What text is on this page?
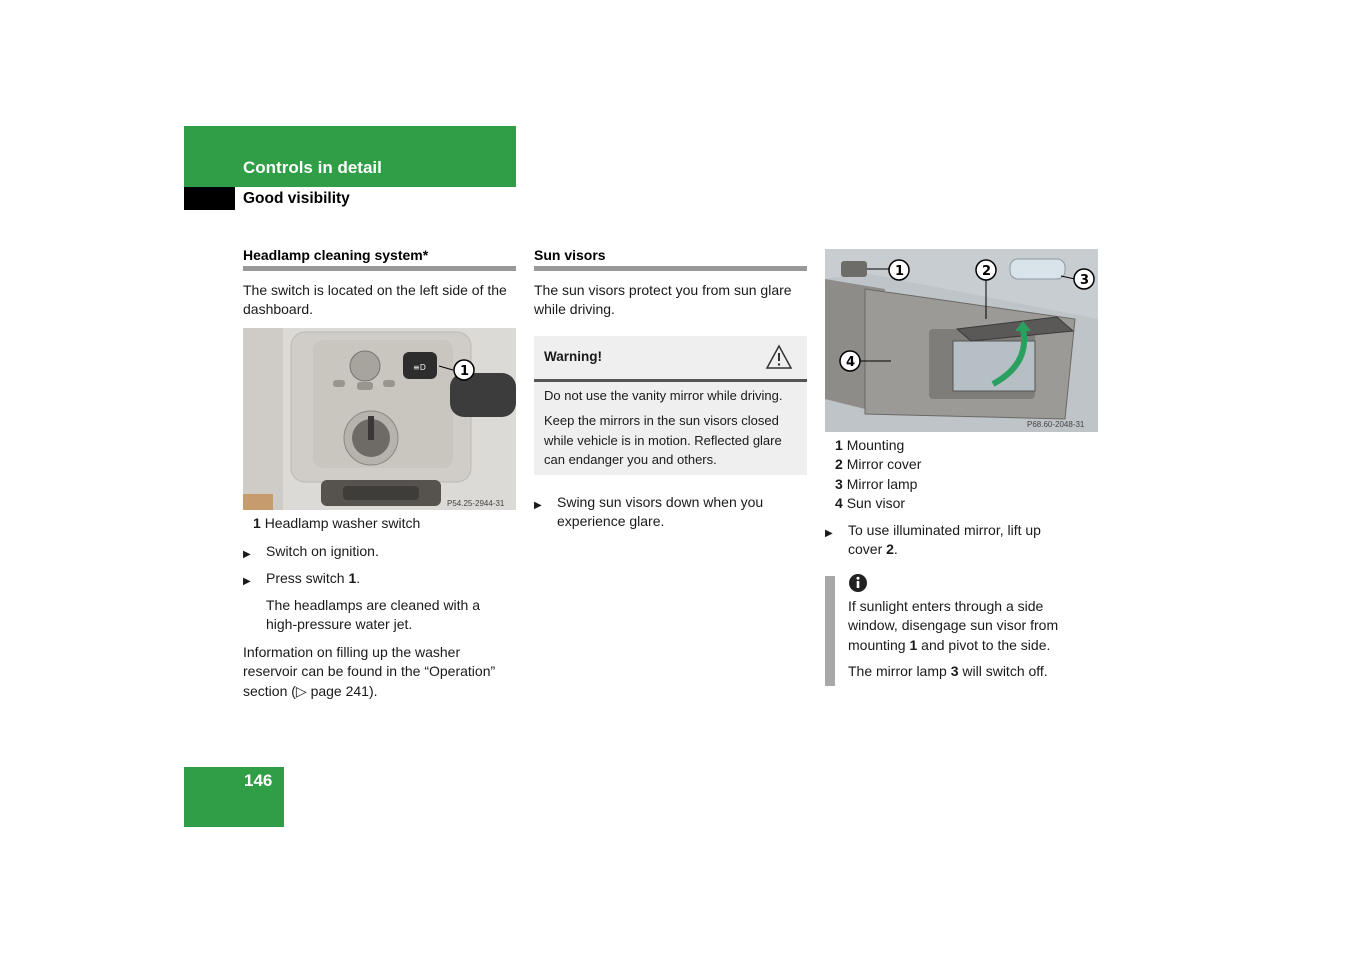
Controls in detail
Good visibility
Headlamp cleaning system*
The switch is located on the left side of the
dashboard.
≡D	1
P54.25-2944-31
1 Headlamp washer switch
▶ Switch on ignition.
▶ Press switch 1.
The headlamps are cleaned with a
high-pressure water jet.
Information on filling up the washer
reservoir can be found in the “Operation”
section (▷ page 241).
Sun visors
The sun visors protect you from sun glare
while driving.
Warning!
Do not use the vanity mirror while driving.
Keep the mirrors in the sun visors closed
while vehicle is in motion. Reflected glare
can endanger you and others.
▶ Swing sun visors down when you
experience glare.
1	2
3
4
P68.60-2048-31
1 Mounting
2 Mirror cover
3 Mirror lamp
4 Sun visor
▶ To use illuminated mirror, lift up
cover 2.
If sunlight enters through a side
window, disengage sun visor from
mounting 1 and pivot to the side.
The mirror lamp 3 will switch off.
146
